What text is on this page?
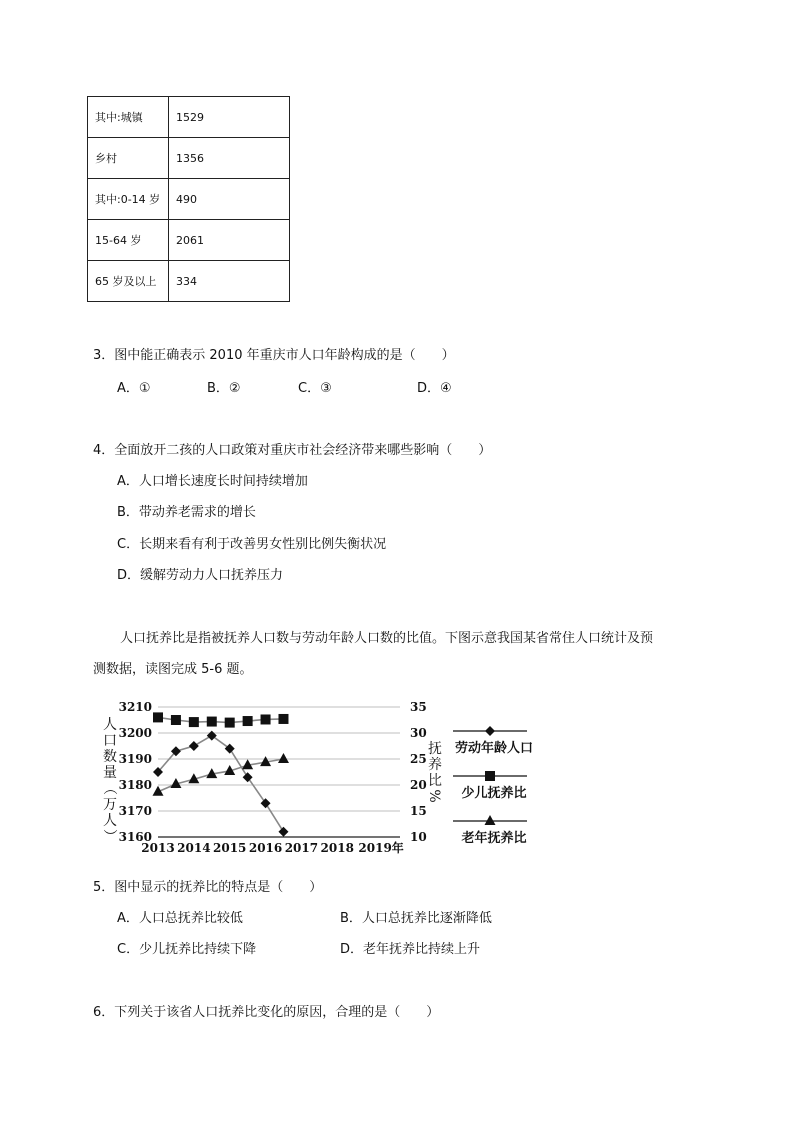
其中:城镇	1529
乡村	1356
其中:0-14 岁	490
15-64 岁	2061
65 岁及以上	334
3．图中能正确表示 2010 年重庆市人口年龄构成的是（　　）
A．①	B．②	C．③	D．④
4．全面放开二孩的人口政策对重庆市社会经济带来哪些影响（　　）
A．人口增长速度长时间持续增加
B．带动养老需求的增长
C．长期来看有利于改善男女性别比例失衡状况
D．缓解劳动力人口抚养压力
人口抚养比是指被抚养人口数与劳动年龄人口数的比值。下图示意我国某省常住人口统计及预
测数据，读图完成 5-6 题。
3210
3200
3190
3180
3170
3160
35
30
25
20
15
10
2013 2014 2015 2016 2017 2018 2019年
劳动年龄人口
少儿抚养比
老年抚养比
人
口
数
量
（
万
人
）
抚
养
比
%
5．图中显示的抚养比的特点是（　　）
A．人口总抚养比较低	B．人口总抚养比逐渐降低
C．少儿抚养比持续下降	D．老年抚养比持续上升
6．下列关于该省人口抚养比变化的原因，合理的是（　　）
